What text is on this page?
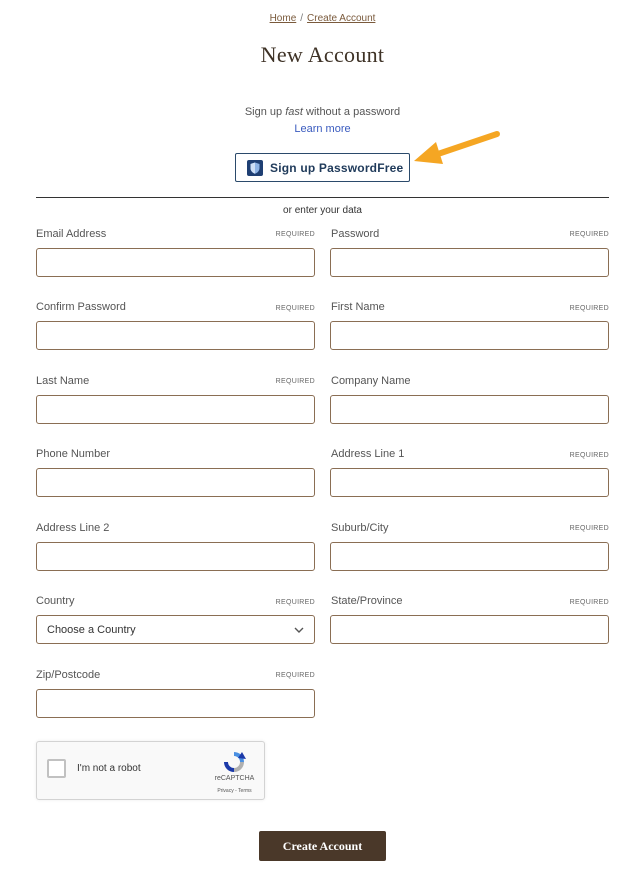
Home / Create Account
New Account
Sign up fast without a password
Learn more
Sign up PasswordFree
or enter your data
Email Address	REQUIRED Password	REQUIRED
Confirm Password	REQUIRED First Name	REQUIRED
Last Name	REQUIRED Company Name
Phone Number	Address Line 1	REQUIRED
Address Line 2	Suburb/City	REQUIRED
Country	REQUIRED
Choose a Country
State/Province	REQUIRED
Zip/Postcode	REQUIRED
I'm not a robot
reCAPTCHA
Privacy - Terms
Create Account
